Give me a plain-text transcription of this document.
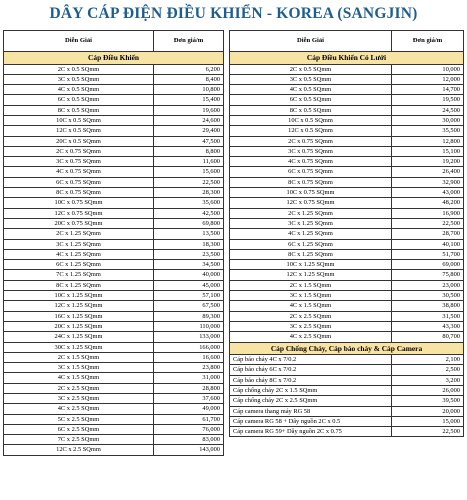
DÂY CÁP ĐIỆN ĐIỀU KHIỂN - KOREA (SANGJIN)
Diễn Giải	Đơn giá/m
Cáp Điều Khiển	
2C x 0.5 SQmm	6,200
3C x 0.5 SQmm	8,400
4C x 0.5 SQmm	10,800
6C x 0.5 SQmm	15,400
8C x 0.5 SQmm	19,600
10C x 0.5 SQmm	24,600
12C x 0.5 SQmm	29,400
20C x 0.5 SQmm	47,500
2C x 0.75 SQmm	8,800
3C x 0.75 SQmm	11,600
4C x 0.75 SQmm	15,600
6C x 0.75 SQmm	22,500
8C x 0.75 SQmm	28,300
10C x 0.75 SQmm	35,600
12C x 0.75 SQmm	42,500
20C x 0.75 SQmm	69,800
2C x 1.25 SQmm	13,500
3C x 1.25 SQmm	18,300
4C x 1.25 SQmm	23,500
6C x 1.25 SQmm	34,500
7C x 1.25 SQmm	40,000
8C x 1.25 SQmm	45,000
10C x 1.25 SQmm	57,100
12C x 1.25 SQmm	67,500
16C x 1.25 SQmm	89,300
20C x 1.25 SQmm	110,000
24C x 1.25 SQmm	133,000
30C x 1.25 SQmm	166,000
2C x 1.5 SQmm	16,600
3C x 1.5 SQmm	23,800
4C x 1.5 SQmm	31,000
2C x 2.5 SQmm	28,800
3C x 2.5 SQmm	37,600
4C x 2.5 SQmm	49,000
5C x 2.5 SQmm	61,700
6C x 2.5 SQmm	76,000
7C x 2.5 SQmm	83,000
12C x 2.5 SQmm	143,000
Diễn Giải	Đơn giá/m
Cáp Điều Khiển Có Lưới	
2C x 0.5 SQmm	10,000
3C x 0.5 SQmm	12,000
4C x 0.5 SQmm	14,700
6C x 0.5 SQmm	19,500
8C x 0.5 SQmm	24,500
10C x 0.5 SQmm	30,000
12C x 0.5 SQmm	35,500
2C x 0.75 SQmm	12,800
3C x 0.75 SQmm	15,100
4C x 0.75 SQmm	19,200
6C x 0.75 SQmm	26,400
8C x 0.75 SQmm	32,900
10C x 0.75 SQmm	43,000
12C x 0.75 SQmm	48,200
2C x 1.25 SQmm	16,900
3C x 1.25 SQmm	22,500
4C x 1.25 SQmm	28,700
6C x 1.25 SQmm	40,100
8C x 1.25 SQmm	51,700
10C x 1.25 SQmm	69,000
12C x 1.25 SQmm	75,800
2C x 1.5 SQmm	23,000
3C x 1.5 SQmm	30,500
4C x 1.5 SQmm	38,800
2C x 2.5 SQmm	31,500
3C x 2.5 SQmm	43,300
4C x 2.5 SQmm	80,700
Cáp Chống Cháy, Cáp báo cháy & Cáp Camera	
Cáp báo cháy 4C x 7/0.2	2,100
Cáp báo cháy 6C x 7/0.2	2,500
Cáp báo cháy 8C x 7/0.2	3,200
Cáp chống cháy 2C x 1.5 SQmm	26,000
Cáp chống cháy 2C x 2.5 SQmm	39,500
Cáp camera thang máy RG 58	20,000
Cáp camera RG 58 + Dây nguồn 2C x 0.5	15,000
Cáp camera RG 59+ Dây nguồn 2C x 0.75	22,500
